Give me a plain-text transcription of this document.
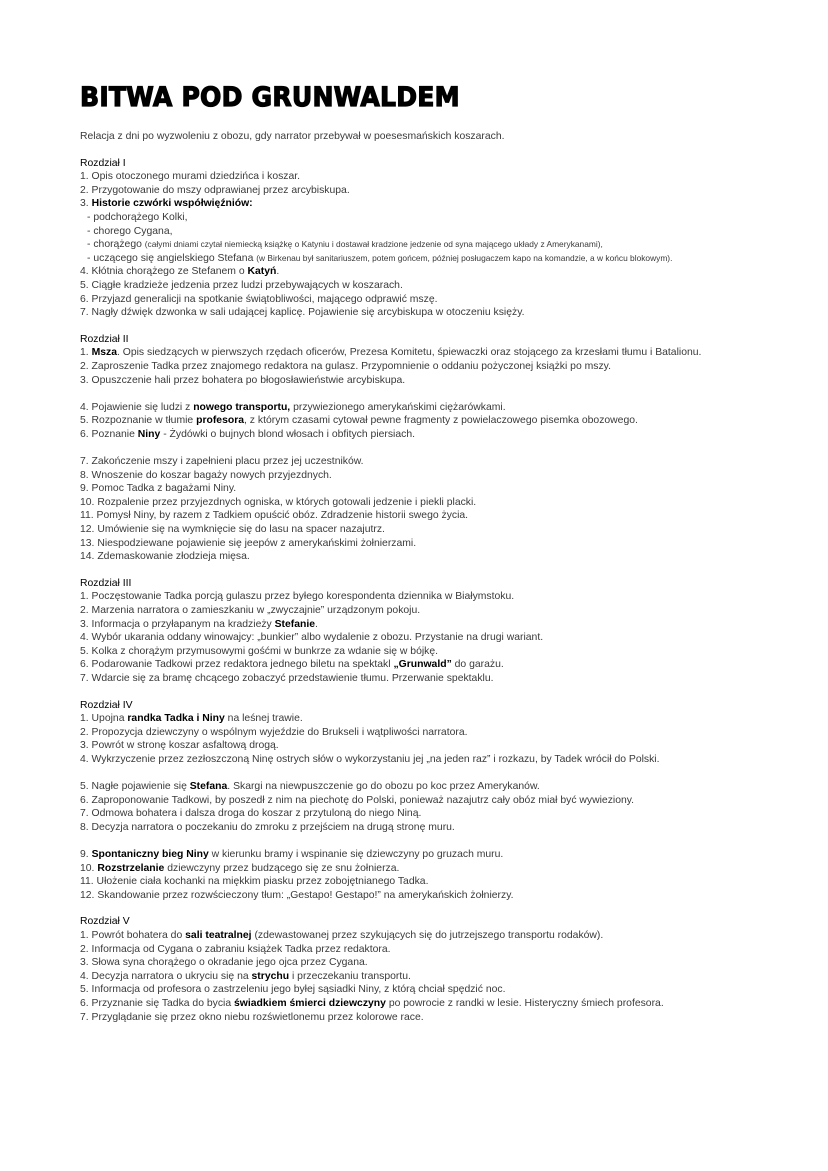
BITWA POD GRUNWALDEM
Relacja z dni po wyzwoleniu z obozu, gdy narrator przebywał w poesesmańskich koszarach.
Rozdział I
1. Opis otoczonego murami dziedzińca i koszar.
2. Przygotowanie do mszy odprawianej przez arcybiskupa.
3. Historie czwórki współwięźniów:
- podchorążego Kolki,
- chorego Cygana,
- chorążego (całymi dniami czytał niemiecką książkę o Katyniu i dostawał kradzione jedzenie od syna mającego układy z Amerykanami),
- uczącego się angielskiego Stefana (w Birkenau był sanitariuszem, potem gońcem, później posługaczem kapo na komandzie, a w końcu blokowym).
4. Kłótnia chorążego ze Stefanem o Katyń.
5. Ciągłe kradzieże jedzenia przez ludzi przebywających w koszarach.
6. Przyjazd generalicji na spotkanie świątobliwości, mającego odprawić mszę.
7. Nagły dźwięk dzwonka w sali udającej kaplicę. Pojawienie się arcybiskupa w otoczeniu księży.
Rozdział II
1. Msza. Opis siedzących w pierwszych rzędach oficerów, Prezesa Komitetu, śpiewaczki oraz stojącego za krzesłami tłumu i Batalionu.
2. Zaproszenie Tadka przez znajomego redaktora na gulasz. Przypomnienie o oddaniu pożyczonej książki po mszy.
3. Opuszczenie hali przez bohatera po błogosławieństwie arcybiskupa.
4. Pojawienie się ludzi z nowego transportu, przywiezionego amerykańskimi ciężarówkami.
5. Rozpoznanie w tłumie profesora, z którym czasami cytował pewne fragmenty z powielaczowego pisemka obozowego.
6. Poznanie Niny - Żydówki o bujnych blond włosach i obfitych piersiach.
7. Zakończenie mszy i zapełnieni placu przez jej uczestników.
8. Wnoszenie do koszar bagaży nowych przyjezdnych.
9. Pomoc Tadka z bagażami Niny.
10. Rozpalenie przez przyjezdnych ogniska, w których gotowali jedzenie i piekli placki.
11. Pomysł Niny, by razem z Tadkiem opuścić obóz. Zdradzenie historii swego życia.
12. Umówienie się na wymknięcie się do lasu na spacer nazajutrz.
13. Niespodziewane pojawienie się jeepów z amerykańskimi żołnierzami.
14. Zdemaskowanie złodzieja mięsa.
Rozdział III
1. Poczęstowanie Tadka porcją gulaszu przez byłego korespondenta dziennika w Białymstoku.
2. Marzenia narratora o zamieszkaniu w „zwyczajnie” urządzonym pokoju.
3. Informacja o przyłapanym na kradzieży Stefanie.
4. Wybór ukarania oddany winowajcy: „bunkier” albo wydalenie z obozu. Przystanie na drugi wariant.
5. Kolka z chorążym przymusowymi gośćmi w bunkrze za wdanie się w bójkę.
6. Podarowanie Tadkowi przez redaktora jednego biletu na spektakl „Grunwald” do garażu.
7. Wdarcie się za bramę chcącego zobaczyć przedstawienie tłumu. Przerwanie spektaklu.
Rozdział IV
1. Upojna randka Tadka i Niny na leśnej trawie.
2. Propozycja dziewczyny o wspólnym wyjeździe do Brukseli i wątpliwości narratora.
3. Powrót w stronę koszar asfaltową drogą.
4. Wykrzyczenie przez zezłoszczoną Ninę ostrych słów o wykorzystaniu jej „na jeden raz” i rozkazu, by Tadek wrócił do Polski.
5. Nagłe pojawienie się Stefana. Skargi na niewpuszczenie go do obozu po koc przez Amerykanów.
6. Zaproponowanie Tadkowi, by poszedł z nim na piechotę do Polski, ponieważ nazajutrz cały obóz miał być wywieziony.
7. Odmowa bohatera i dalsza droga do koszar z przytuloną do niego Niną.
8. Decyzja narratora o poczekaniu do zmroku z przejściem na drugą stronę muru.
9. Spontaniczny bieg Niny w kierunku bramy i wspinanie się dziewczyny po gruzach muru.
10. Rozstrzelanie dziewczyny przez budzącego się ze snu żołnierza.
11. Ułożenie ciała kochanki na miękkim piasku przez zobojętnianego Tadka.
12. Skandowanie przez rozwścieczony tłum: „Gestapo! Gestapo!” na amerykańskich żołnierzy.
Rozdział V
1. Powrót bohatera do sali teatralnej (zdewastowanej przez szykujących się do jutrzejszego transportu rodaków).
2. Informacja od Cygana o zabraniu książek Tadka przez redaktora.
3. Słowa syna chorążego o okradanie jego ojca przez Cygana.
4. Decyzja narratora o ukryciu się na strychu i przeczekaniu transportu.
5. Informacja od profesora o zastrzeleniu jego byłej sąsiadki Niny, z którą chciał spędzić noc.
6. Przyznanie się Tadka do bycia świadkiem śmierci dziewczyny po powrocie z randki w lesie. Histeryczny śmiech profesora.
7. Przyglądanie się przez okno niebu rozświetlonemu przez kolorowe race.
